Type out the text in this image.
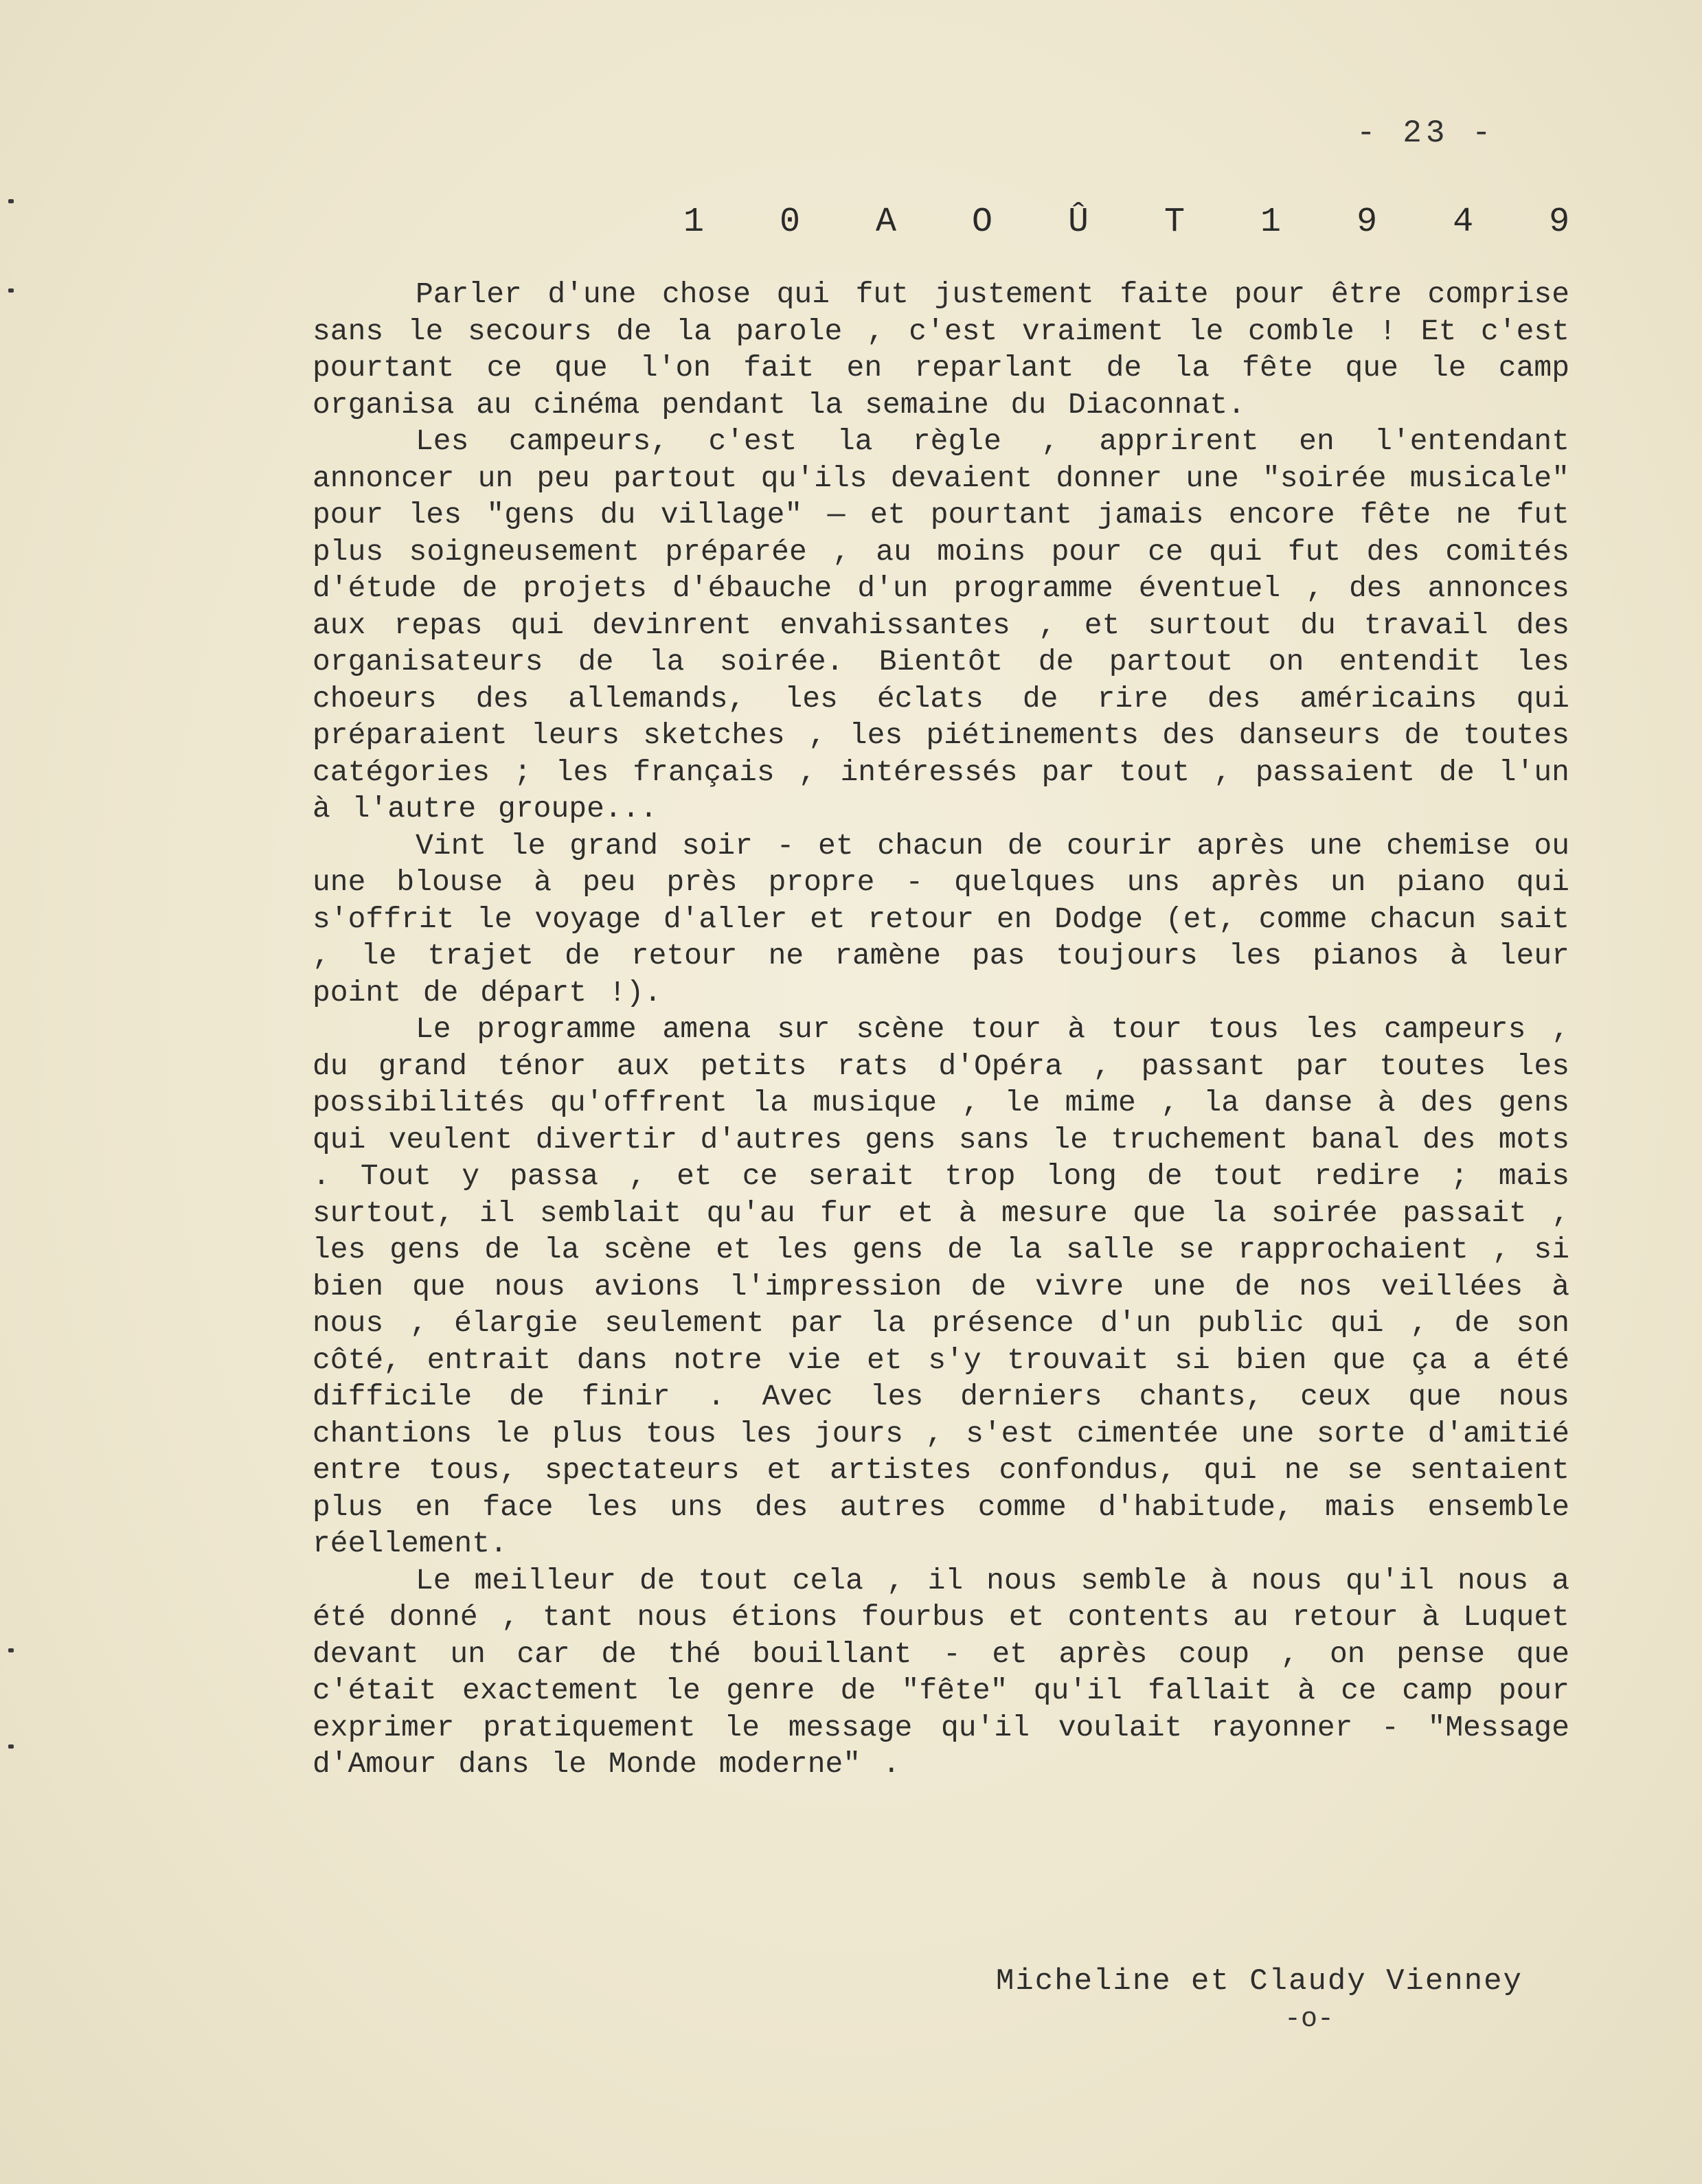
- 23 -
1 0 A O Û T 1 9 4 9

Parler d'une chose qui fut justement faite pour être comprise sans le secours de la parole , c'est vraiment le comble ! Et c'est pourtant ce que l'on fait en reparlant de la fête que le camp organisa au cinéma pendant la semaine du Diaconnat.

Les campeurs, c'est la règle , apprirent en l'entendant annoncer un peu partout qu'ils devaient donner une "soirée musicale" pour les "gens du village" — et pourtant jamais encore fête ne fut plus soigneusement préparée , au moins pour ce qui fut des comités d'étude de projets d'ébauche d'un programme éventuel , des annonces aux repas qui devinrent envahissantes , et surtout du travail des organisateurs de la soirée. Bientôt de partout on entendit les choeurs des allemands, les éclats de rire des américains qui préparaient leurs sketches , les piétinements des danseurs de toutes catégories ; les français , intéressés par tout , passaient de l'un à l'autre groupe...

Vint le grand soir - et chacun de courir après une chemise ou une blouse à peu près propre - quelques uns après un piano qui s'offrit le voyage d'aller et retour en Dodge (et, comme chacun sait , le trajet de retour ne ramène pas toujours les pianos à leur point de départ !).

Le programme amena sur scène tour à tour tous les campeurs , du grand ténor aux petits rats d'Opéra , passant par toutes les possibilités qu'offrent la musique , le mime , la danse à des gens qui veulent divertir d'autres gens sans le truchement banal des mots . Tout y passa , et ce serait trop long de tout redire ; mais surtout, il semblait qu'au fur et à mesure que la soirée passait , les gens de la scène et les gens de la salle se rapprochaient , si bien que nous avions l'impression de vivre une de nos veillées à nous , élargie seulement par la présence d'un public qui , de son côté, entrait dans notre vie et s'y trouvait si bien que ça a été difficile de finir . Avec les derniers chants, ceux que nous chantions le plus tous les jours , s'est cimentée une sorte d'amitié entre tous, spectateurs et artistes confondus, qui ne se sentaient plus en face les uns des autres comme d'habitude, mais ensemble réellement.

Le meilleur de tout cela , il nous semble à nous qu'il nous a été donné , tant nous étions fourbus et contents au retour à Luquet devant un car de thé bouillant - et après coup , on pense que c'était exactement le genre de "fête" qu'il fallait à ce camp pour exprimer pratiquement le message qu'il voulait rayonner - "Message d'Amour dans le Monde moderne" .

Micheline et Claudy Vienney
-o-
